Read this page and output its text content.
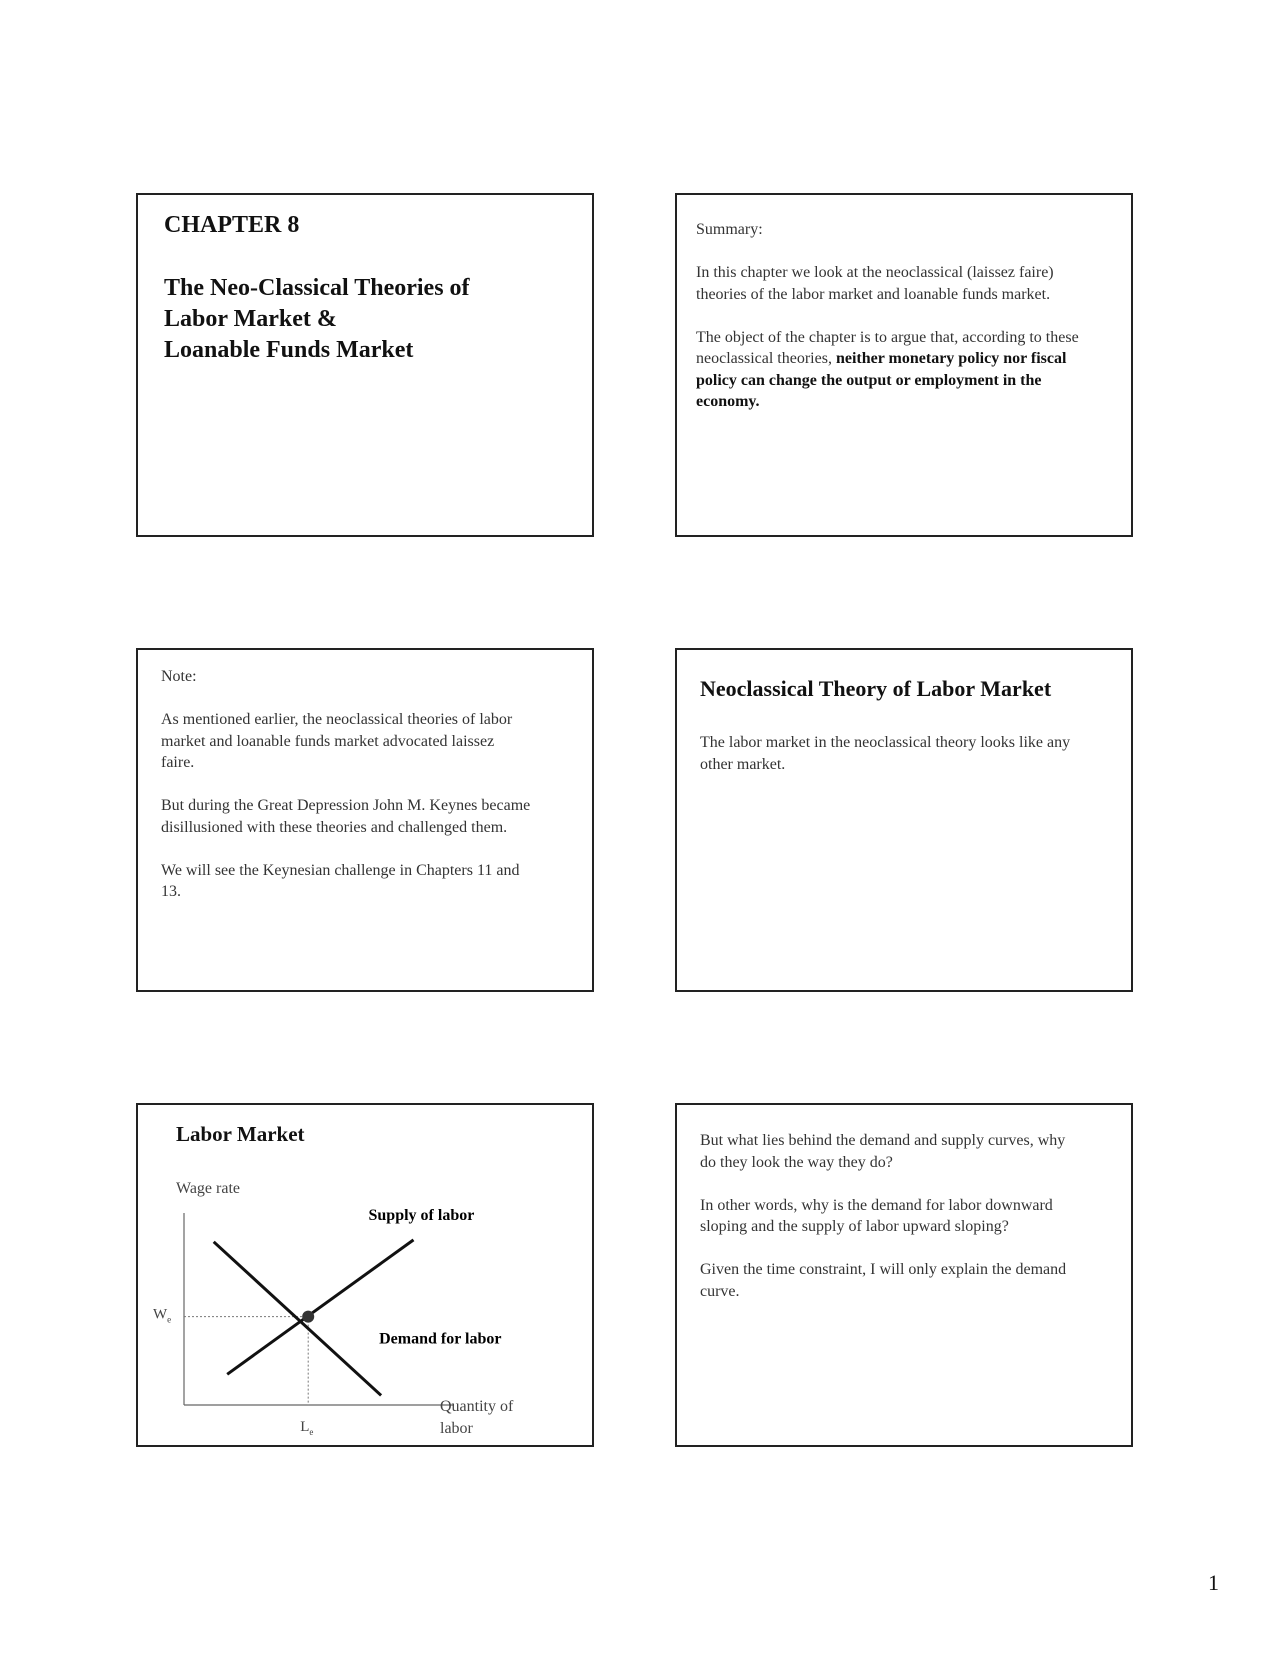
CHAPTER 8
The Neo-Classical Theories of
Labor Market &
Loanable Funds Market

Summary:

In this chapter we look at the neoclassical (laissez faire) theories of the labor market and loanable funds market.

The object of the chapter is to argue that, according to these neoclassical theories, neither monetary policy nor fiscal policy can change the output or employment in the economy.

Note:

As mentioned earlier, the neoclassical theories of labor market and loanable funds market advocated laissez faire.

But during the Great Depression John M. Keynes became disillusioned with these theories and challenged them.

We will see the Keynesian challenge in Chapters 11 and 13.

Neoclassical Theory of Labor Market

The labor market in the neoclassical theory looks like any other market.

Labor Market
Wage rate
Supply of labor
Demand for labor
$W_e$
$L_e$
Quantity of
labor

But what lies behind the demand and supply curves, why do they look the way they do?

In other words, why is the demand for labor downward sloping and the supply of labor upward sloping?

Given the time constraint, I will only explain the demand curve.

1
